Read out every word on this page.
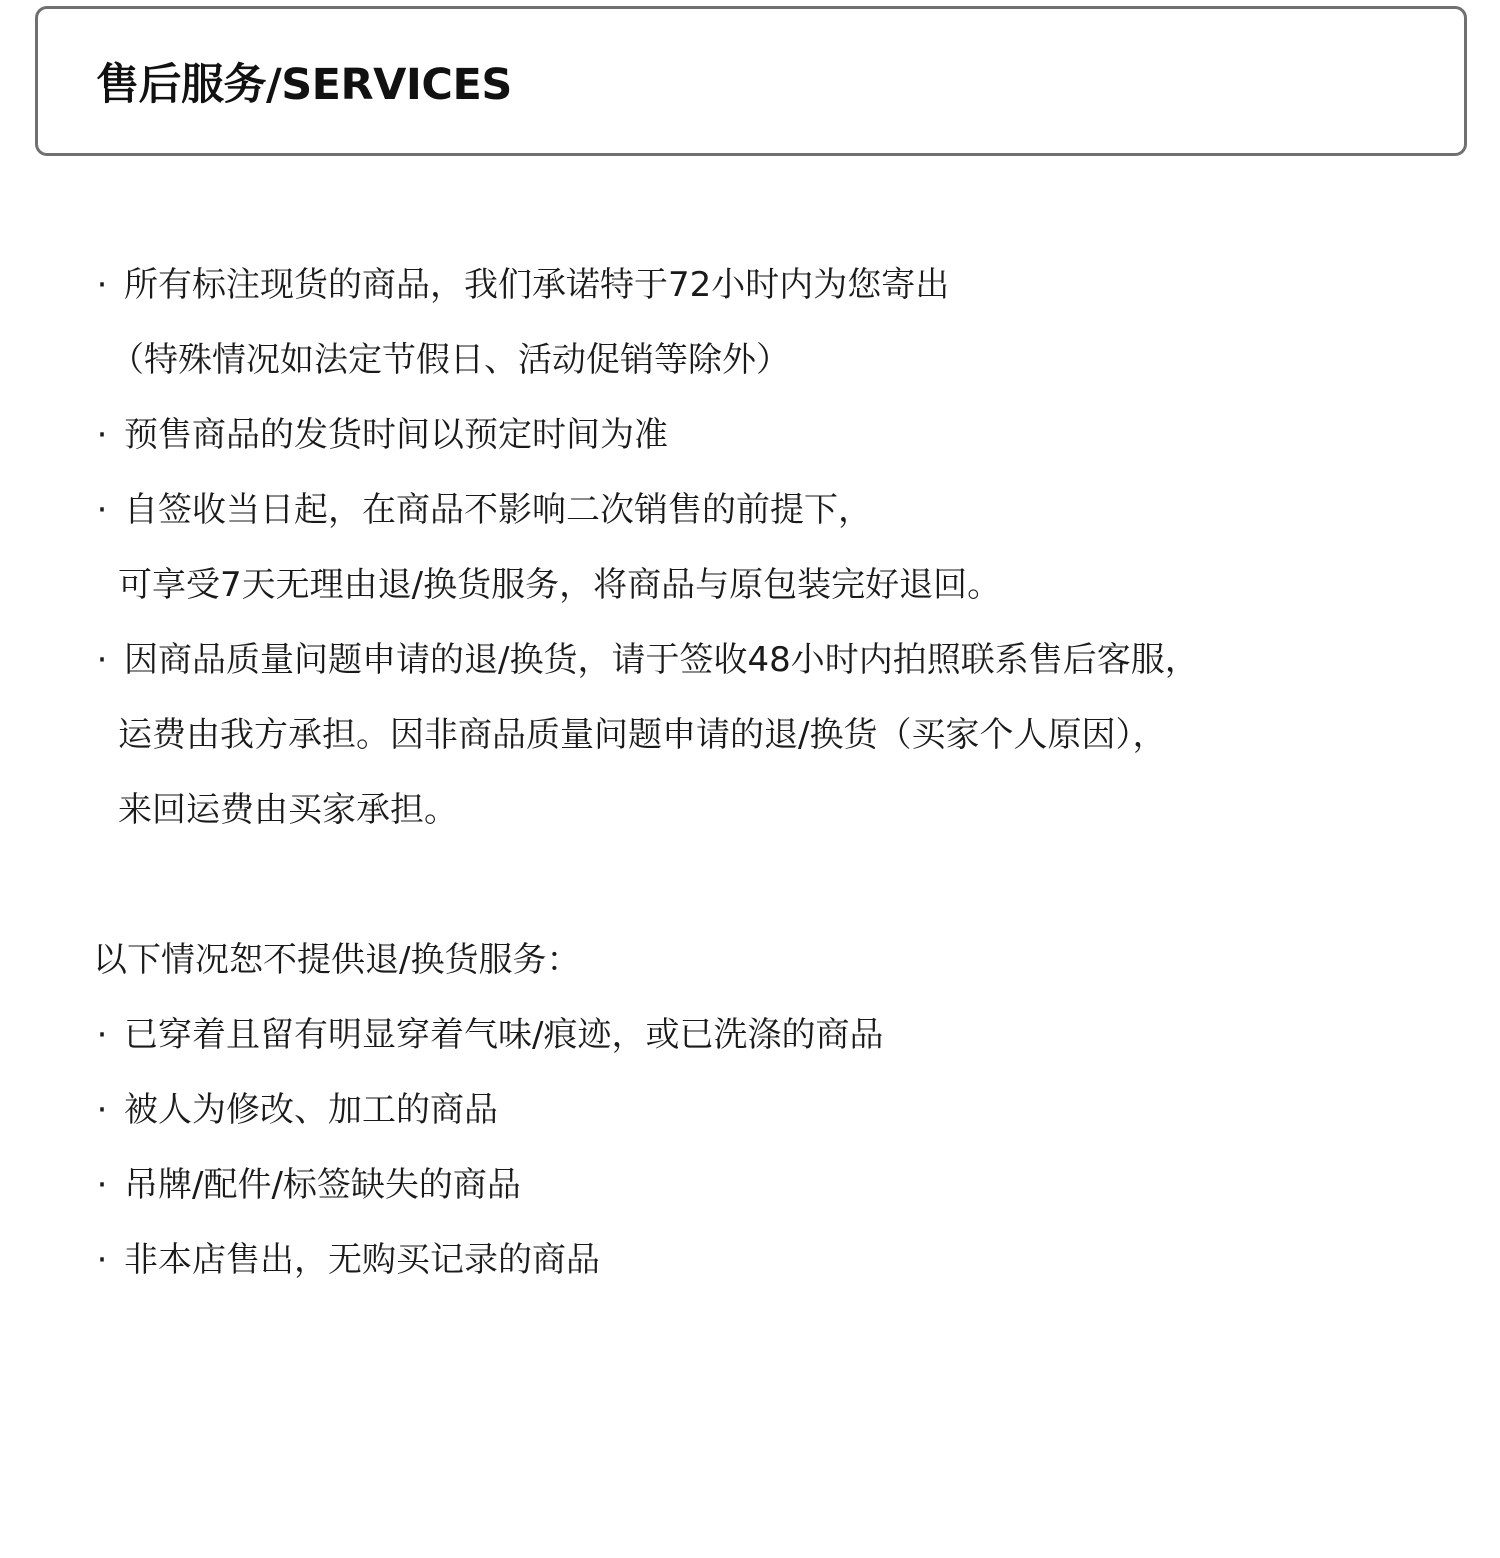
售后服务/SERVICES
· 所有标注现货的商品，我们承诺特于72小时内为您寄出

（特殊情况如法定节假日、活动促销等除外）

· 预售商品的发货时间以预定时间为准

· 自签收当日起，在商品不影响二次销售的前提下，

可享受7天无理由退/换货服务，将商品与原包装完好退回。

· 因商品质量问题申请的退/换货，请于签收48小时内拍照联系售后客服，

运费由我方承担。因非商品质量问题申请的退/换货（买家个人原因），

来回运费由买家承担。

以下情况恕不提供退/换货服务：

· 已穿着且留有明显穿着气味/痕迹，或已洗涤的商品

· 被人为修改、加工的商品

· 吊牌/配件/标签缺失的商品

· 非本店售出，无购买记录的商品
